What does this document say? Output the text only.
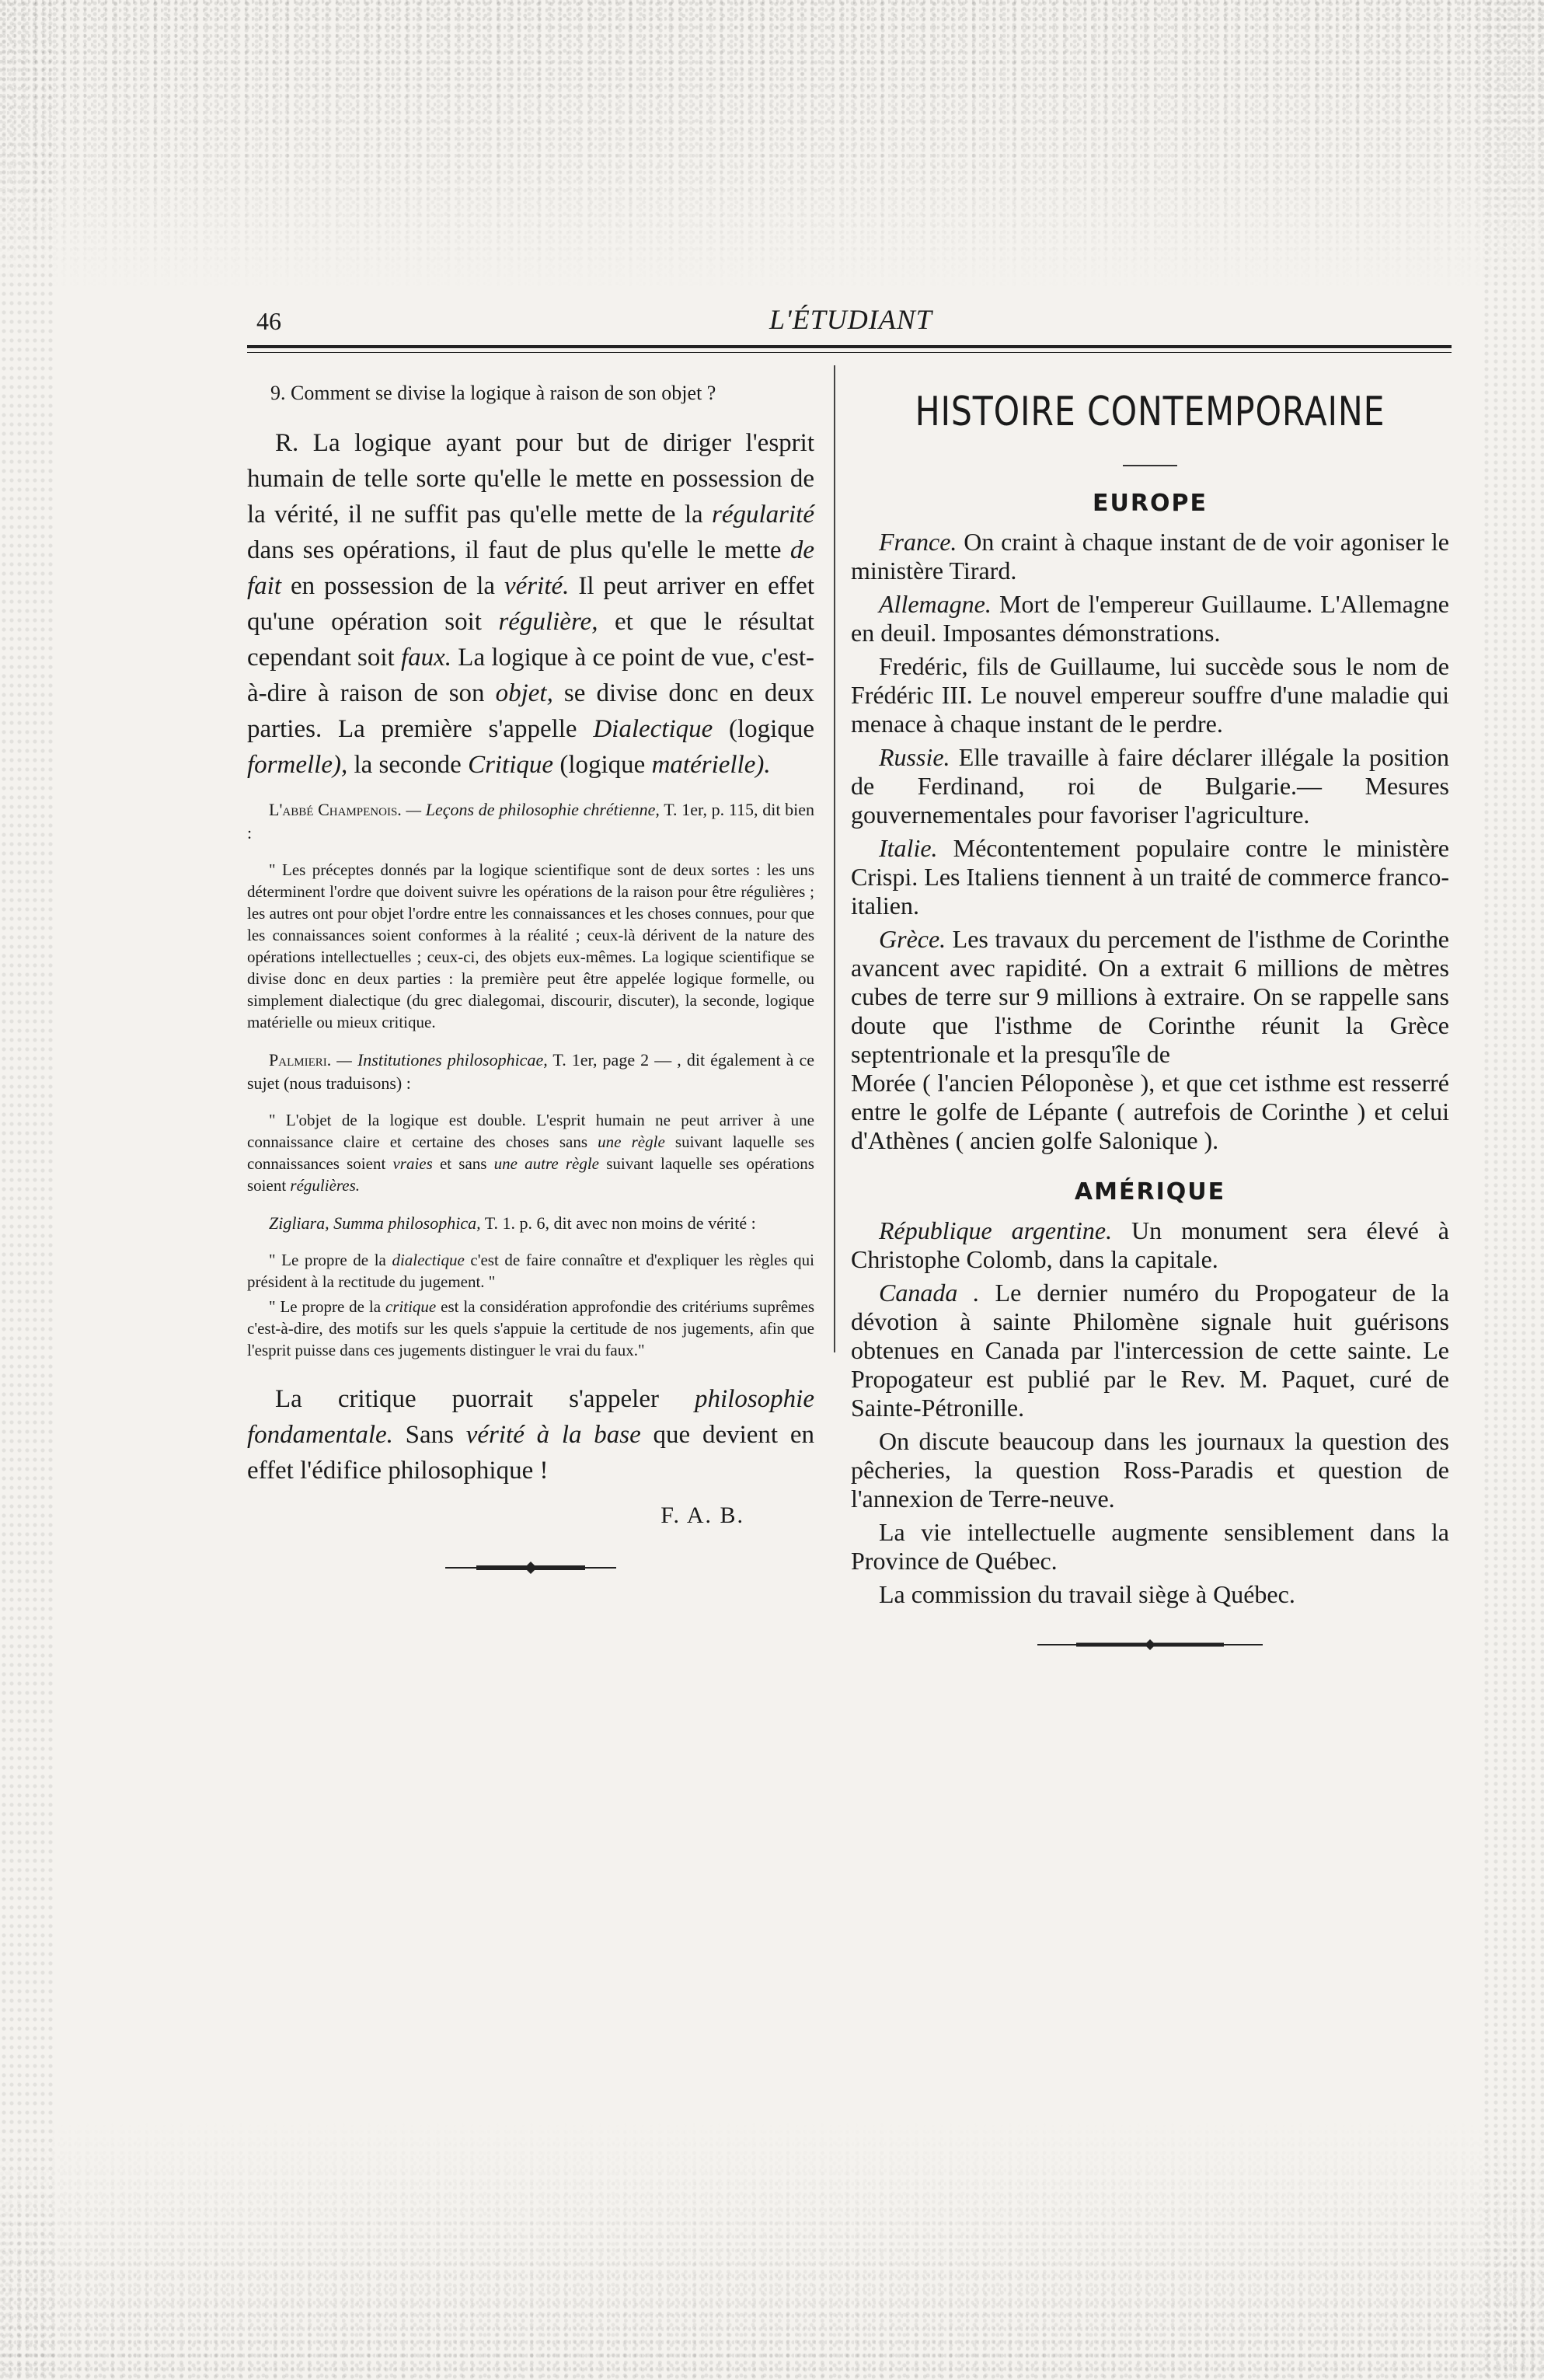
46	L'ÉTUDIANT

9. Comment se divise la logique à raison de son objet ?

R. La logique ayant pour but de diriger l'esprit humain de telle sorte qu'elle le mette en possession de la vérité, il ne suffit pas qu'elle mette de la régularité dans ses opérations, il faut de plus qu'elle le mette de fait en possession de la vérité. Il peut arriver en effet qu'une opération soit régulière, et que le résultat cependant soit faux. La logique à ce point de vue, c'est-à-dire à raison de son objet, se divise donc en deux parties. La première s'appelle Dialectique (logique formelle), la seconde Critique (logique matérielle).

L'abbé Champenois. — Leçons de philosophie chrétienne, T. 1er, p. 115, dit bien :

" Les préceptes donnés par la logique scientifique sont de deux sortes : les uns déterminent l'ordre que doivent suivre les opérations de la raison pour être régulières ; les autres ont pour objet l'ordre entre les connaissances et les choses connues, pour que les connaissances soient conformes à la réalité ; ceux-là dérivent de la nature des opérations intellectuelles ; ceux-ci, des objets eux-mêmes. La logique scientifique se divise donc en deux parties : la première peut être appelée logique formelle, ou simplement dialectique (du grec dialegomai, discourir, discuter), la seconde, logique matérielle ou mieux critique.

Palmieri. — Institutiones philosophicae, T. 1er, page 2 — , dit également à ce sujet (nous traduisons) :

" L'objet de la logique est double. L'esprit humain ne peut arriver à une connaissance claire et certaine des choses sans une règle suivant laquelle ses connaissances soient vraies et sans une autre règle suivant laquelle ses opérations soient régulières.

Zigliara, Summa philosophica, T. 1. p. 6, dit avec non moins de vérité :

" Le propre de la dialectique c'est de faire connaître et d'expliquer les règles qui président à la rectitude du jugement. "

" Le propre de la critique est la considération approfondie des critériums suprêmes c'est-à-dire, des motifs sur les quels s'appuie la certitude de nos jugements, afin que l'esprit puisse dans ces jugements distinguer le vrai du faux."

La critique puorrait s'appeler philosophie fondamentale. Sans vérité à la base que devient en effet l'édifice philosophique !

F. A. B.

HISTOIRE CONTEMPORAINE
EUROPE

France. On craint à chaque instant de de voir agoniser le ministère Tirard.

Allemagne. Mort de l'empereur Guillaume. L'Allemagne en deuil. Imposantes démonstrations.

Fredéric, fils de Guillaume, lui succède sous le nom de Frédéric III. Le nouvel empereur souffre d'une maladie qui menace à chaque instant de le perdre.

Russie. Elle travaille à faire déclarer illégale la position de Ferdinand, roi de Bulgarie.— Mesures gouvernementales pour favoriser l'agriculture.

Italie. Mécontentement populaire contre le ministère Crispi. Les Italiens tiennent à un traité de commerce franco-italien.

Grèce. Les travaux du percement de l'isthme de Corinthe avancent avec rapidité. On a extrait 6 millions de mètres cubes de terre sur 9 millions à extraire. On se rappelle sans doute que l'isthme de Corinthe réunit la Grèce septentrionale et la presqu'île de

Morée ( l'ancien Péloponèse ), et que cet isthme est resserré entre le golfe de Lépante ( autrefois de Corinthe ) et celui d'Athènes ( ancien golfe Salonique ).

AMÉRIQUE

République argentine. Un monument sera élevé à Christophe Colomb, dans la capitale.

Canada . Le dernier numéro du Propogateur de la dévotion à sainte Philomène signale huit guérisons obtenues en Canada par l'intercession de cette sainte. Le Propogateur est publié par le Rev. M. Paquet, curé de Sainte-Pétronille.

On discute beaucoup dans les journaux la question des pêcheries, la question Ross-Paradis et question de l'annexion de Terre-neuve.

La vie intellectuelle augmente sensiblement dans la Province de Québec.

La commission du travail siège à Québec.
